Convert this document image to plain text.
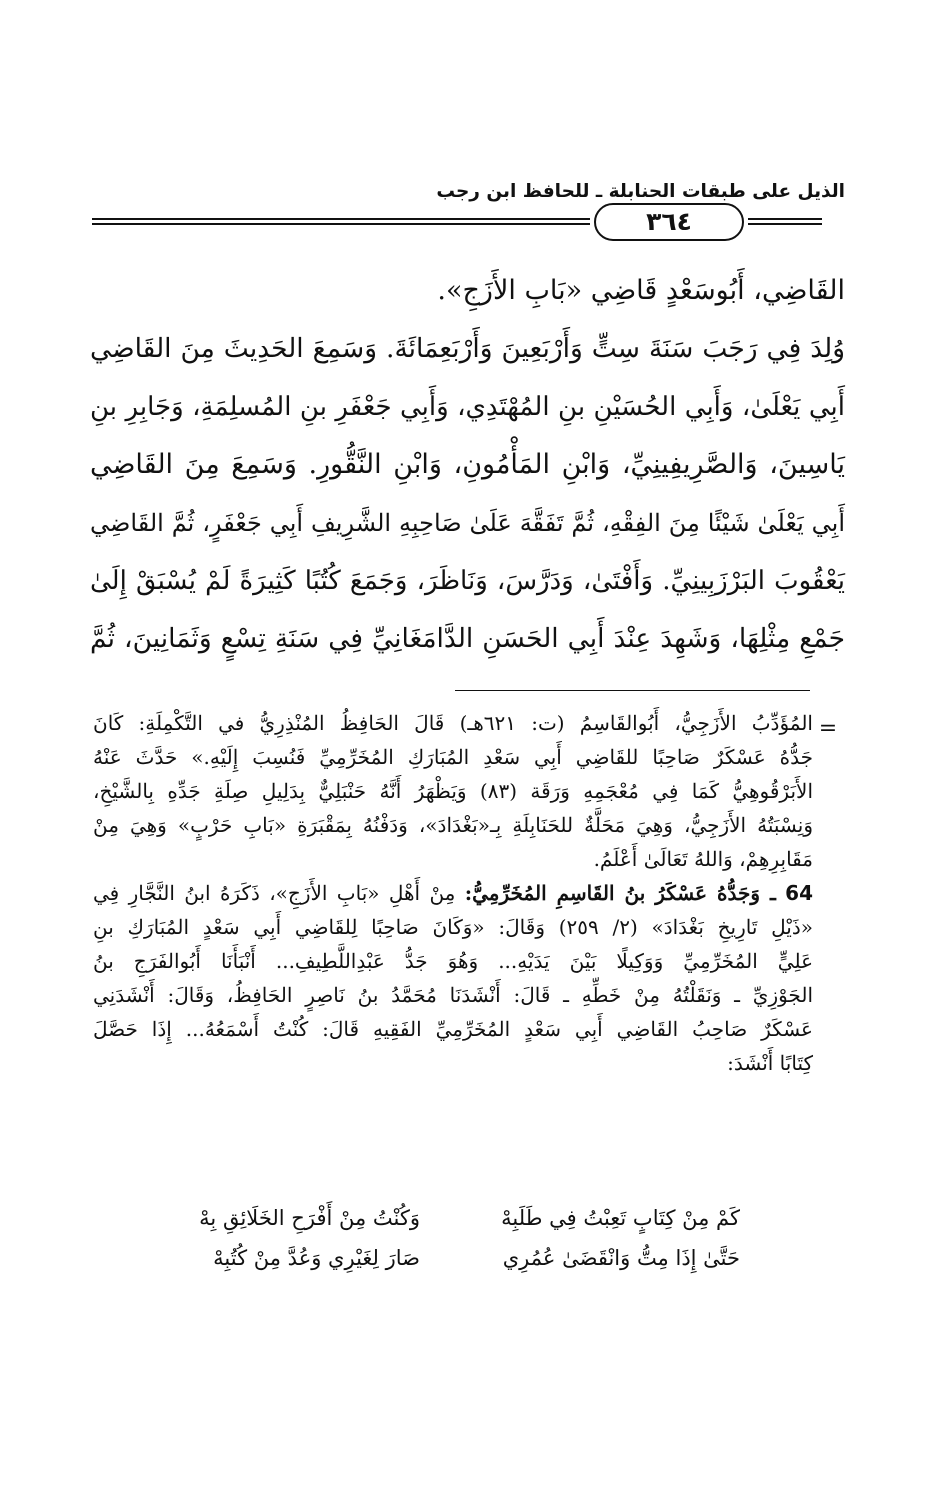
الذيل على طبقات الحنابلة ـ للحافظ ابن رجب
٣٦٤
القَاضِي، أَبُوسَعْدٍ قَاضِي «بَابِ الأَزَجِ».
وُلِدَ فِي رَجَبَ سَنَةَ سِتٍّ وَأَرْبَعِينَ وَأَرْبَعِمَائَةَ. وَسَمِعَ الحَدِيثَ مِنَ القَاضِي
أَبِي يَعْلَىٰ، وَأَبِي الحُسَيْنِ بنِ المُهْتَدِي، وَأَبِي جَعْفَرِ بنِ المُسلِمَةِ، وَجَابِرِ بنِ
يَاسِينَ، وَالصَّرِيفِينِيِّ، وَابْنِ المَأْمُونِ، وَابْنِ النَّقُّورِ. وَسَمِعَ مِنَ القَاضِي
أَبِي يَعْلَىٰ شَيْئًا مِنَ الفِقْهِ، ثُمَّ تَفَقَّهَ عَلَىٰ صَاحِبِهِ الشَّرِيفِ أَبِي جَعْفَرٍ، ثُمَّ القَاضِي
يَعْقُوبَ البَرْزَبِينِيِّ. وَأَفْتَىٰ، وَدَرَّسَ، وَنَاظَرَ، وَجَمَعَ كُتُبًا كَثِيرَةً لَمْ يُسْبَقْ إِلَىٰ
جَمْعِ مِثْلِهَا، وَشَهِدَ عِنْدَ أَبِي الحَسَنِ الدَّامَغَانِيِّ فِي سَنَةِ تِسْعٍ وَثَمَانِينَ، ثُمَّ
=
المُؤَدِّبُ الأَزَجِيُّ، أَبُوالقَاسِمُ (ت: ٦٢١هـ) قَالَ الحَافِظُ المُنْذِرِيُّ في التَّكْمِلَةِ: كَانَ
جَدُّهُ عَسْكَرٌ صَاحِبًا للقَاضِي أَبِي سَعْدِ المُبَارَكِ المُخَرِّمِيِّ فَنُسِبَ إِلَيْهِ.» حَدَّثَ عَنْهُ
الأَبَرْقُوهِيُّ كَمَا فِي مُعْجَمِهِ وَرَقَة (٨٣) وَيَظْهَرُ أَنَّهُ حَنْبَلِيٌّ بِدَلِيلِ صِلَةِ جَدِّهِ بِالشَّيْخِ،
وَنِسْبَتُهُ الأَزَجِيُّ، وَهِيَ مَحَلَّةٌ للحَنَابِلَةِ بِـ«بَغْدَادَ»، وَدَفْنُهُ بِمَقْبَرَةِ «بَابِ حَرْبٍ» وَهِيَ مِنْ
مَقَابِرِهِمْ، وَاللهُ تَعَالَىٰ أَعْلَمُ.
64 ـ وَجَدُّهُ عَسْكَرُ بنُ القَاسِمِ المُخَرِّمِيُّ: مِنْ أَهْلِ «بَابِ الأَزَجِ»، ذَكَرَهُ ابنُ النَّجَّارِ فِي
«ذَيْلِ تَارِيخِ بَغْدَادَ» (٢/ ٢٥٩) وَقَالَ: «وَكَانَ صَاحِبًا لِلقَاضِي أَبِي سَعْدٍ المُبَارَكِ بنِ
عَلِيٍّ المُخَرِّمِيِّ وَوَكِيلًا بَيْنَ يَدَيْهِ... وَهُوَ جَدُّ عَبْدِاللَّطِيفِ... أَنْبَأَنَا أَبُوالفَرَجِ بنُ
الجَوْزِيِّ ـ وَنَقَلْتُهُ مِنْ خَطِّهِ ـ قَالَ: أَنْشَدَنَا مُحَمَّدُ بنُ نَاصِرٍ الحَافِظُ، وَقَالَ: أَنْشَدَنِي
عَسْكَرٌ صَاحِبُ القَاضِي أَبِي سَعْدٍ المُخَرِّمِيِّ الفَقِيهِ قَالَ: كُنْتُ أَسْمَعُهُ... إِذَا حَصَّلَ
كِتَابًا أَنْشَدَ:
كَمْ مِنْ كِتَابٍ تَعِبْتُ فِي طَلَبِهْ
وَكُنْتُ مِنْ أَفْرَحِ الخَلَائِقِ بِهْ
حَتَّىٰ إِذَا مِتُّ وَانْقَضَىٰ عُمُرِي
صَارَ لِغَيْرِي وَعُدَّ مِنْ كُتُبِهْ
